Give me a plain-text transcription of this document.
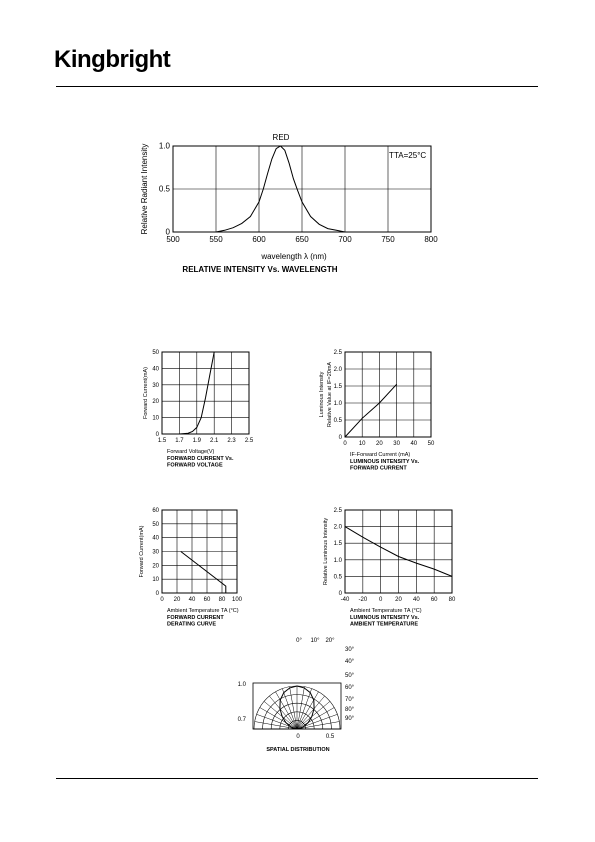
Kingbright
500	550	600	650	700	750	800
0
0.5
1.0
Relative Radiant Intensity
wavelength λ (nm)
RELATIVE INTENSITY Vs. WAVELENGTH
RED
T TA=25°C
1.5 1.7 1.9 2.1 2.3 2.5
0
10
20
30
40
50
Forward Current(mA)
Forward Voltage(V)
FORWARD CURRENT Vs.
FORWARD VOLTAGE
0 10 20 30 40 50
0
0.5
1.0
1.5
2.0
2.5
Luminous Intensity Relative Value at IF=20mA
IF-Forward Current (mA)
LUMINOUS INTENSITY Vs.
FORWARD CURRENT
0 20 40 60 80 100
0
10
20
30
40
50
60
Forward Current(mA)
Ambient Temperature TA (°C)
FORWARD CURRENT
DERATING CURVE
-40 -20 0 20 40 60 80
0
0.5
1.0
1.5
2.0
2.5
Relative Luminous Intensity
Ambient Temperature TA (°C)
LUMINOUS INTENSITY Vs.
AMBIENT TEMPERATURE
0° 10° 20°
30°
40°
50°
60°
70°
80°
90°
1.0
0.7
0	0.5
SPATIAL DISTRIBUTION
